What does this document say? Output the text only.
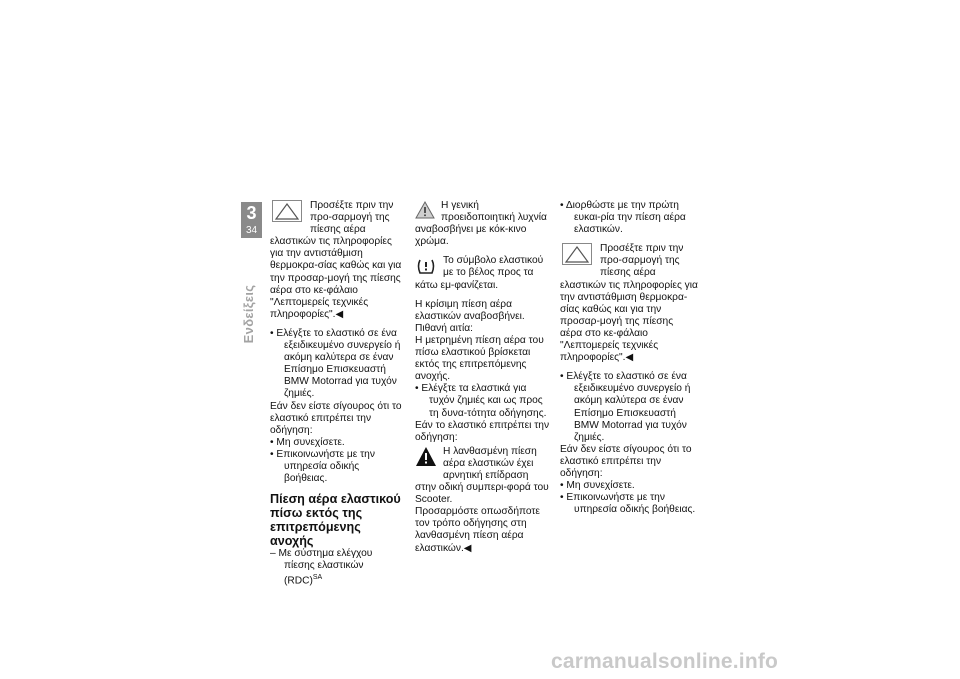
3
34
Ενδείξεις

Προσέξτε πριν την προ-σαρμογή της πίεσης αέρα ελαστικών τις πληροφορίες για την αντιστάθμιση θερμοκρα-σίας καθώς και για την προσαρ-μογή της πίεσης αέρα στο κε-φάλαιο "Λεπτομερείς τεχνικές πληροφορίες".◀

• Ελέγξτε το ελαστικό σε ένα εξειδικευμένο συνεργείο ή ακόμη καλύτερα σε έναν Επίσημο Επισκευαστή BMW Motorrad για τυχόν ζημιές.

Εάν δεν είστε σίγουρος ότι το ελαστικό επιτρέπει την οδήγηση:

• Μη συνεχίσετε.

• Επικοινωνήστε με την υπηρεσία οδικής βοήθειας.

Πίεση αέρα ελαστικού πίσω εκτός της επιτρεπόμενης ανοχής

– Με σύστημα ελέγχου πίεσης ελαστικών (RDC)$^{SA}$

Η γενική προειδοποιητική λυχνία αναβοσβήνει με κόκ-κινο χρώμα.

Το σύμβολο ελαστικού με το βέλος προς τα κάτω εμ-φανίζεται.

Η κρίσιμη πίεση αέρα ελαστικών αναβοσβήνει.

Πιθανή αιτία:

Η μετρημένη πίεση αέρα του πίσω ελαστικού βρίσκεται εκτός της επιτρεπόμενης ανοχής.

• Ελέγξτε τα ελαστικά για τυχόν ζημιές και ως προς τη δυνα-τότητα οδήγησης.

Εάν το ελαστικό επιτρέπει την οδήγηση:

Η λανθασμένη πίεση αέρα ελαστικών έχει αρνητική επίδραση στην οδική συμπερι-φορά του Scooter.

Προσαρμόστε οπωσδήποτε τον τρόπο οδήγησης στη λανθασμένη πίεση αέρα ελαστικών.◀

• Διορθώστε με την πρώτη ευκαι-ρία την πίεση αέρα ελαστικών.

Προσέξτε πριν την προ-σαρμογή της πίεσης αέρα ελαστικών τις πληροφορίες για την αντιστάθμιση θερμοκρα-σίας καθώς και για την προσαρ-μογή της πίεσης αέρα στο κε-φάλαιο "Λεπτομερείς τεχνικές πληροφορίες".◀

• Ελέγξτε το ελαστικό σε ένα εξειδικευμένο συνεργείο ή ακόμη καλύτερα σε έναν Επίσημο Επισκευαστή BMW Motorrad για τυχόν ζημιές.

Εάν δεν είστε σίγουρος ότι το ελαστικό επιτρέπει την οδήγηση:

• Μη συνεχίσετε.

• Επικοινωνήστε με την υπηρεσία οδικής βοήθειας.

carmanualsonline.info
